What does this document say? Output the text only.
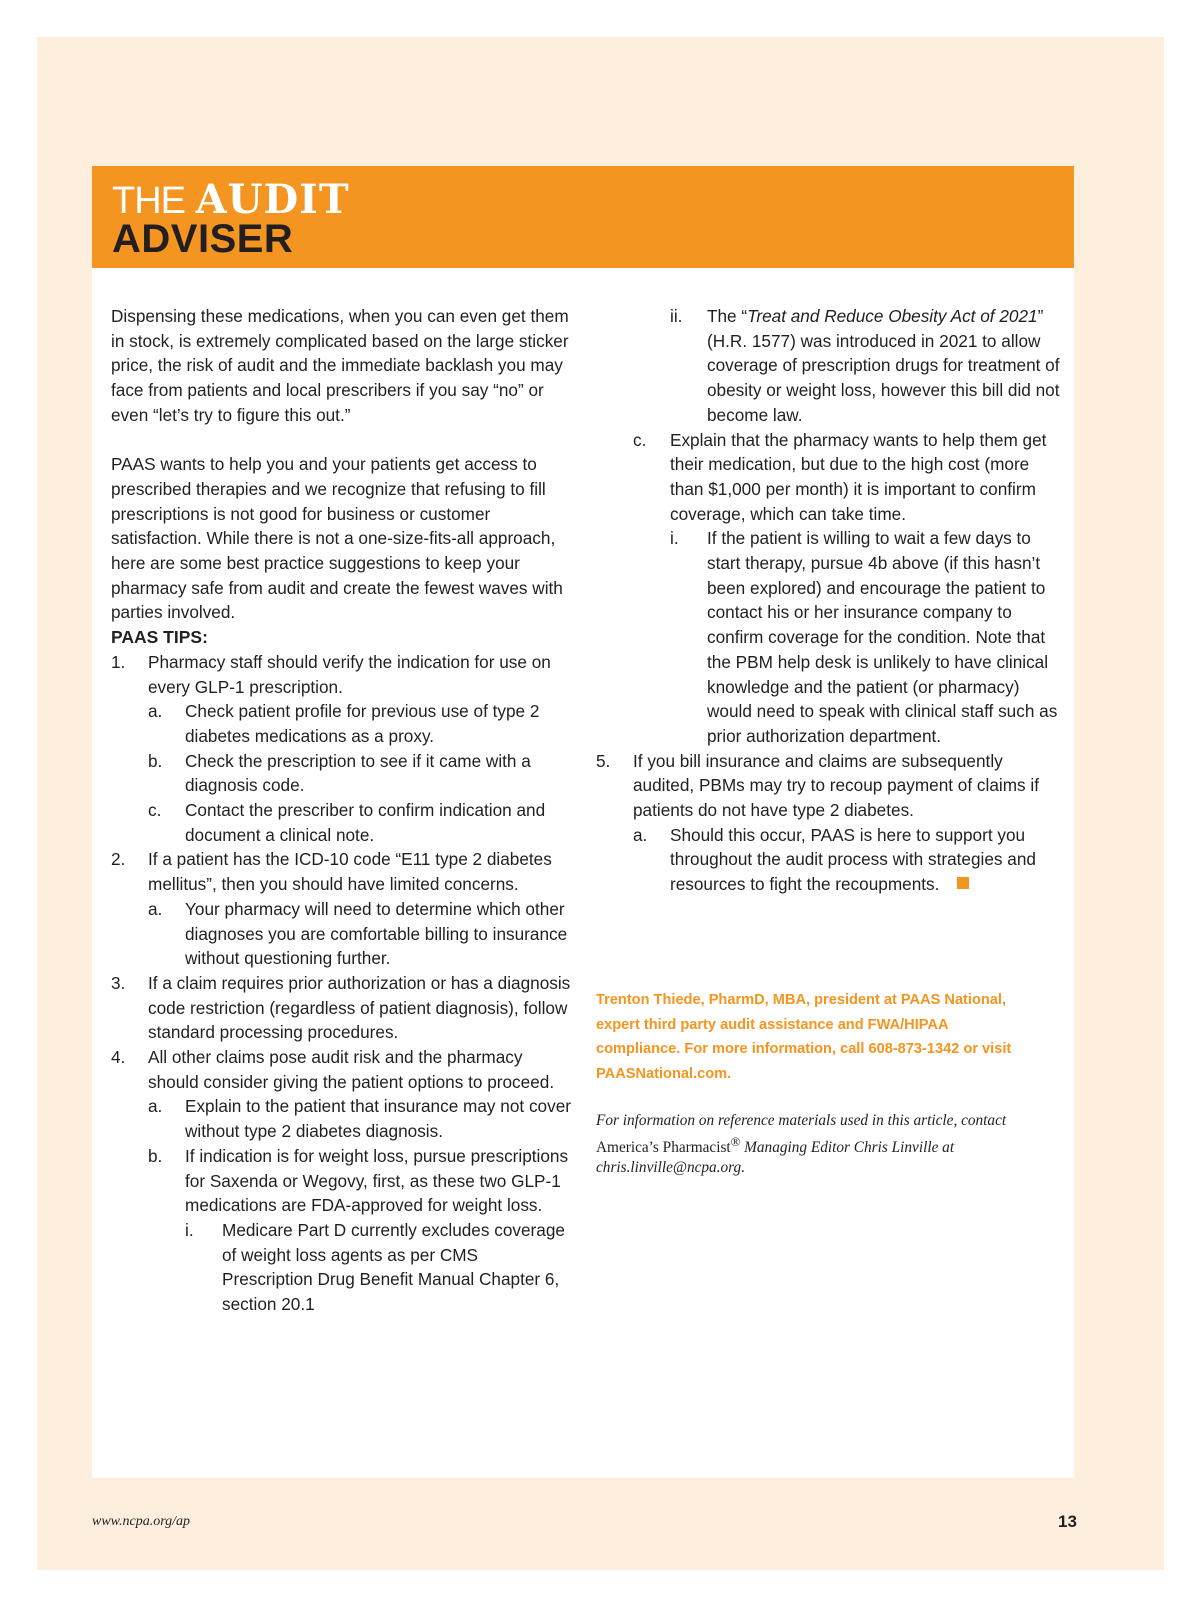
THE AUDIT
ADVISER

Dispensing these medications, when you can even get them in stock, is extremely complicated based on the large sticker price, the risk of audit and the immediate backlash you may face from patients and local prescribers if you say “no” or even “let’s try to figure this out.”

PAAS wants to help you and your patients get access to prescribed therapies and we recognize that refusing to fill prescriptions is not good for business or customer satisfaction. While there is not a one-size-fits-all approach, here are some best practice suggestions to keep your pharmacy safe from audit and create the fewest waves with parties involved.

PAAS TIPS:

1. Pharmacy staff should verify the indication for use on every GLP-1 prescription.
a. Check patient profile for previous use of type 2 diabetes medications as a proxy.
b. Check the prescription to see if it came with a diagnosis code.
c. Contact the prescriber to confirm indication and document a clinical note.
2. If a patient has the ICD-10 code “E11 type 2 diabetes mellitus”, then you should have limited concerns.
a. Your pharmacy will need to determine which other diagnoses you are comfortable billing to insurance without questioning further.
3. If a claim requires prior authorization or has a diagnosis code restriction (regardless of patient diagnosis), follow standard processing procedures.
4. All other claims pose audit risk and the pharmacy should consider giving the patient options to proceed.
a. Explain to the patient that insurance may not cover without type 2 diabetes diagnosis.
b. If indication is for weight loss, pursue prescriptions for Saxenda or Wegovy, first, as these two GLP-1 medications are FDA-approved for weight loss.
i. Medicare Part D currently excludes coverage of weight loss agents as per CMS Prescription Drug Benefit Manual Chapter 6, section 20.1
ii. The “Treat and Reduce Obesity Act of 2021” (H.R. 1577) was introduced in 2021 to allow coverage of prescription drugs for treatment of obesity or weight loss, however this bill did not become law.
c. Explain that the pharmacy wants to help them get their medication, but due to the high cost (more than $1,000 per month) it is important to confirm coverage, which can take time.
i. If the patient is willing to wait a few days to start therapy, pursue 4b above (if this hasn’t been explored) and encourage the patient to contact his or her insurance company to confirm coverage for the condition. Note that the PBM help desk is unlikely to have clinical knowledge and the patient (or pharmacy) would need to speak with clinical staff such as prior authorization department.
5. If you bill insurance and claims are subsequently audited, PBMs may try to recoup payment of claims if patients do not have type 2 diabetes.
a. Should this occur, PAAS is here to support you throughout the audit process with strategies and resources to fight the recoupments.
Trenton Thiede, PharmD, MBA, president at PAAS National, expert third party audit assistance and FWA/HIPAA compliance. For more information, call 608-873-1342 or visit PAASNational.com.
For information on reference materials used in this article, contact America’s Pharmacist® Managing Editor Chris Linville at chris.linville@ncpa.org.
www.ncpa.org/ap	13
